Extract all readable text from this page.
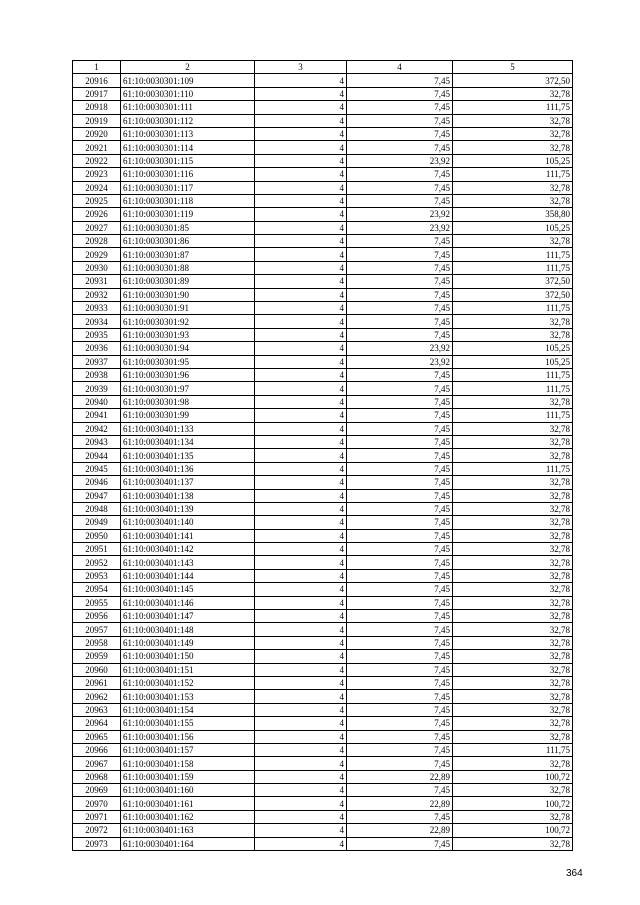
1	2	3	4	5
20916	61:10:0030301:109	4	7,45	372,50
20917	61:10:0030301:110	4	7,45	32,78
20918	61:10:0030301:111	4	7,45	111,75
20919	61:10:0030301:112	4	7,45	32,78
20920	61:10:0030301:113	4	7,45	32,78
20921	61:10:0030301:114	4	7,45	32,78
20922	61:10:0030301:115	4	23,92	105,25
20923	61:10:0030301:116	4	7,45	111,75
20924	61:10:0030301:117	4	7,45	32,78
20925	61:10:0030301:118	4	7,45	32,78
20926	61:10:0030301:119	4	23,92	358,80
20927	61:10:0030301:85	4	23,92	105,25
20928	61:10:0030301:86	4	7,45	32,78
20929	61:10:0030301:87	4	7,45	111,75
20930	61:10:0030301:88	4	7,45	111,75
20931	61:10:0030301:89	4	7,45	372,50
20932	61:10:0030301:90	4	7,45	372,50
20933	61:10:0030301:91	4	7,45	111,75
20934	61:10:0030301:92	4	7,45	32,78
20935	61:10:0030301:93	4	7,45	32,78
20936	61:10:0030301:94	4	23,92	105,25
20937	61:10:0030301:95	4	23,92	105,25
20938	61:10:0030301:96	4	7,45	111,75
20939	61:10:0030301:97	4	7,45	111,75
20940	61:10:0030301:98	4	7,45	32,78
20941	61:10:0030301:99	4	7,45	111,75
20942	61:10:0030401:133	4	7,45	32,78
20943	61:10:0030401:134	4	7,45	32,78
20944	61:10:0030401:135	4	7,45	32,78
20945	61:10:0030401:136	4	7,45	111,75
20946	61:10:0030401:137	4	7,45	32,78
20947	61:10:0030401:138	4	7,45	32,78
20948	61:10:0030401:139	4	7,45	32,78
20949	61:10:0030401:140	4	7,45	32,78
20950	61:10:0030401:141	4	7,45	32,78
20951	61:10:0030401:142	4	7,45	32,78
20952	61:10:0030401:143	4	7,45	32,78
20953	61:10:0030401:144	4	7,45	32,78
20954	61:10:0030401:145	4	7,45	32,78
20955	61:10:0030401:146	4	7,45	32,78
20956	61:10:0030401:147	4	7,45	32,78
20957	61:10:0030401:148	4	7,45	32,78
20958	61:10:0030401:149	4	7,45	32,78
20959	61:10:0030401:150	4	7,45	32,78
20960	61:10:0030401:151	4	7,45	32,78
20961	61:10:0030401:152	4	7,45	32,78
20962	61:10:0030401:153	4	7,45	32,78
20963	61:10:0030401:154	4	7,45	32,78
20964	61:10:0030401:155	4	7,45	32,78
20965	61:10:0030401:156	4	7,45	32,78
20966	61:10:0030401:157	4	7,45	111,75
20967	61:10:0030401:158	4	7,45	32,78
20968	61:10:0030401:159	4	22,89	100,72
20969	61:10:0030401:160	4	7,45	32,78
20970	61:10:0030401:161	4	22,89	100,72
20971	61:10:0030401:162	4	7,45	32,78
20972	61:10:0030401:163	4	22,89	100,72
20973	61:10:0030401:164	4	7,45	32,78
364
